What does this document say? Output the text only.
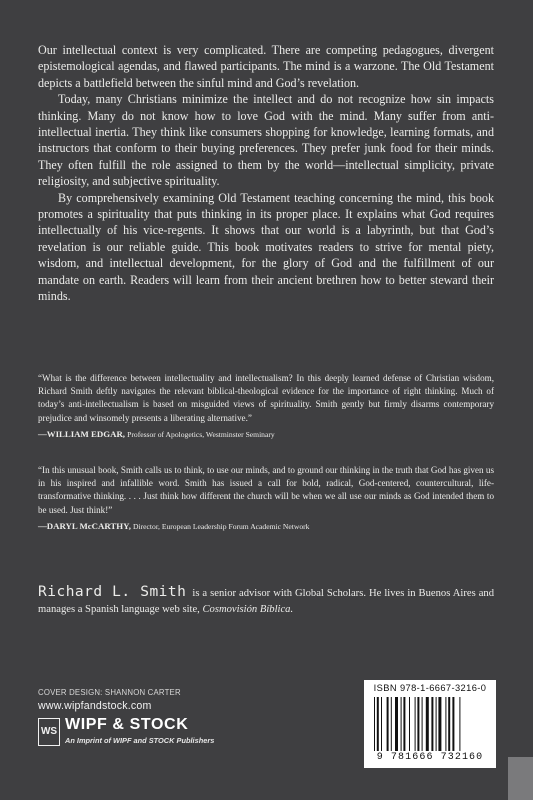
Our intellectual context is very complicated. There are competing pedagogues, divergent epistemological agendas, and flawed participants. The mind is a warzone. The Old Testament depicts a battlefield between the sinful mind and God’s revelation.

Today, many Christians minimize the intellect and do not recognize how sin impacts thinking. Many do not know how to love God with the mind. Many suffer from anti-intellectual inertia. They think like consumers shopping for knowledge, learning formats, and instructors that conform to their buying preferences. They prefer junk food for their minds. They often fulfill the role assigned to them by the world—intellectual simplicity, private religiosity, and subjective spirituality.

By comprehensively examining Old Testament teaching concerning the mind, this book promotes a spirituality that puts thinking in its proper place. It explains what God requires intellectually of his vice-regents. It shows that our world is a labyrinth, but that God’s revelation is our reliable guide. This book motivates readers to strive for mental piety, wisdom, and intellectual development, for the glory of God and the fulfillment of our mandate on earth. Readers will learn from their ancient brethren how to better steward their minds.

“What is the difference between intellectuality and intellectualism? In this deeply learned defense of Christian wisdom, Richard Smith deftly navigates the relevant biblical-theological evidence for the importance of right thinking. Much of today’s anti-intellectualism is based on misguided views of spirituality. Smith gently but firmly disarms contemporary prejudice and winsomely presents a liberating alternative.”

—WILLIAM EDGAR, Professor of Apologetics, Westminster Seminary

“In this unusual book, Smith calls us to think, to use our minds, and to ground our thinking in the truth that God has given us in his inspired and infallible word. Smith has issued a call for bold, radical, God-centered, countercultural, life-transformative thinking. . . . Just think how different the church will be when we all use our minds as God intended them to be used. Just think!”

—DARYL McCARTHY, Director, European Leadership Forum Academic Network

Richard L. Smith is a senior advisor with Global Scholars. He lives in Buenos Aires and manages a Spanish language web site, Cosmovisión Bíblica.
COVER DESIGN: SHANNON CARTER
www.wipfandstock.com
WS WIPF & STOCK
An Imprint of WIPF and STOCK Publishers
ISBN 978-1-6667-3216-0
9 781666 732160
